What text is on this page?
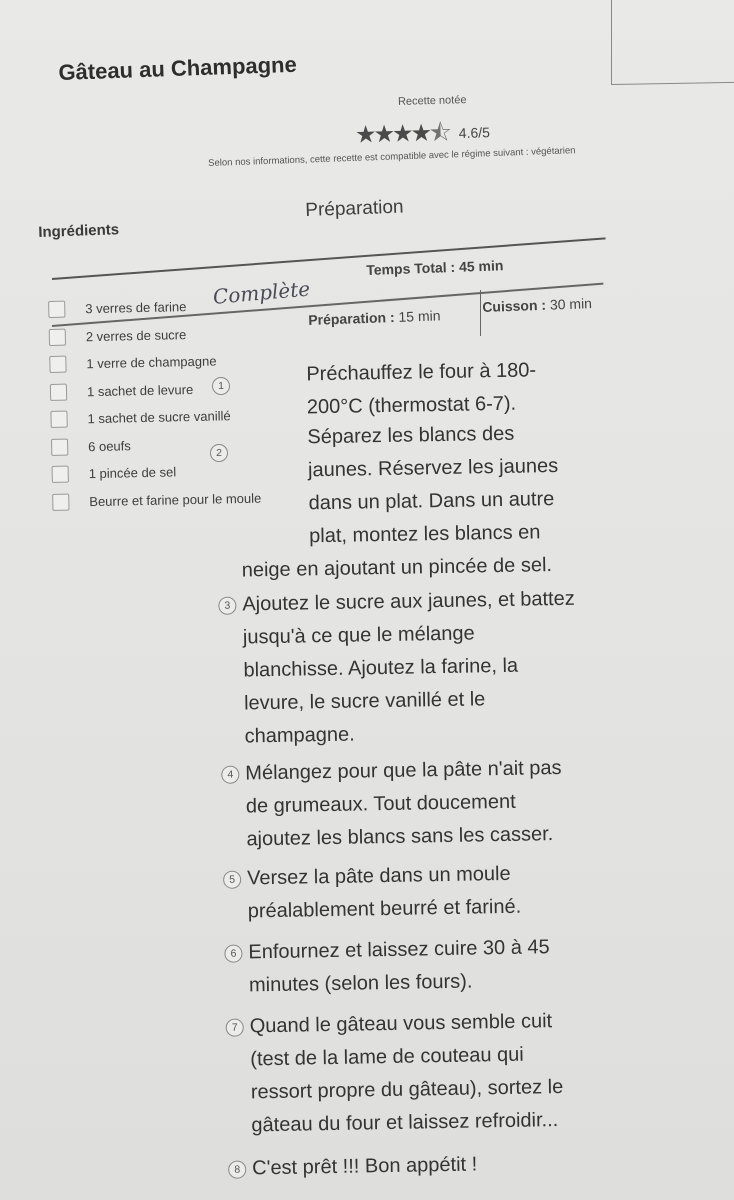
Gâteau au Champagne
Recette notée
★ ★ ★ ★ ⯪ 4.6/5
Selon nos informations, cette recette est compatible avec le régime suivant : végétarien
Préparation
Ingrédients
Temps Total : 45 min
Préparation : 15 min
Cuisson : 30 min
3 verres de farine
2 verres de sucre
1 verre de champagne
1 sachet de levure
1 sachet de sucre vanillé
6 oeufs
1 pincée de sel
Beurre et farine pour le moule
Complète
1
2
Préchauffez le four à 180-
200°C (thermostat 6-7).
Séparez les blancs des
jaunes. Réservez les jaunes
dans un plat. Dans un autre
plat, montez les blancs en
neige en ajoutant un pincée de sel.
3 Ajoutez le sucre aux jaunes, et battez
jusqu'à ce que le mélange
blanchisse. Ajoutez la farine, la
levure, le sucre vanillé et le
champagne.
4 Mélangez pour que la pâte n'ait pas
de grumeaux. Tout doucement
ajoutez les blancs sans les casser.
5 Versez la pâte dans un moule
préalablement beurré et fariné.
6 Enfournez et laissez cuire 30 à 45
minutes (selon les fours).
7 Quand le gâteau vous semble cuit
(test de la lame de couteau qui
ressort propre du gâteau), sortez le
gâteau du four et laissez refroidir...
8 C'est prêt !!! Bon appétit !
